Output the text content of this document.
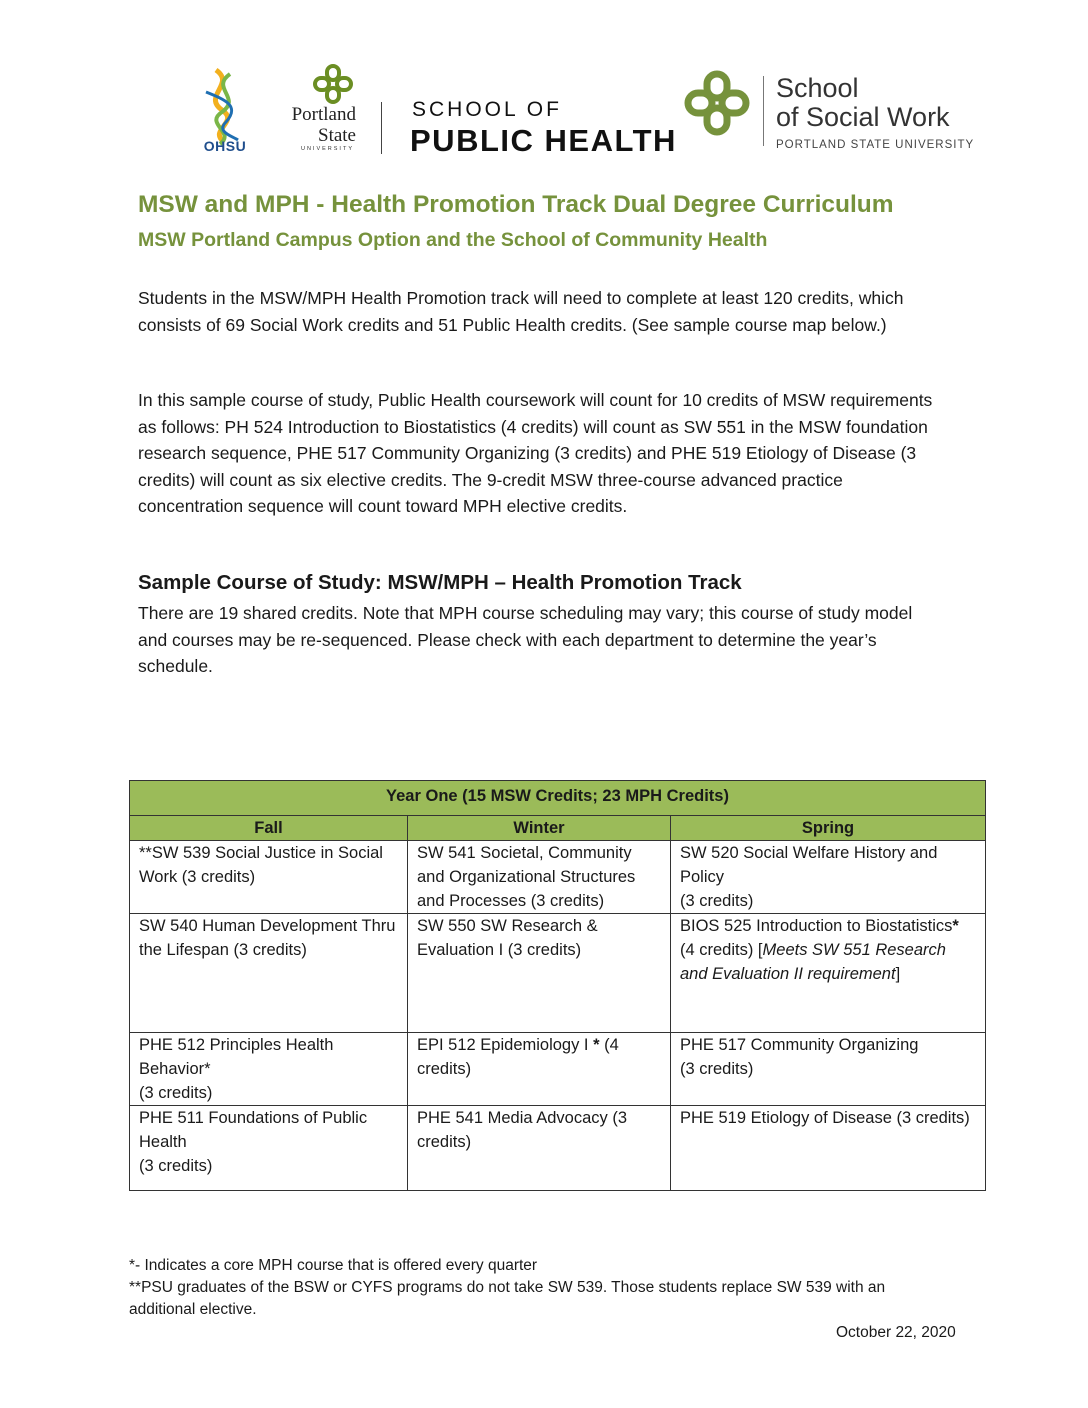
OHSU
Portland
State
UNIVERSITY
SCHOOL OF
PUBLIC HEALTH
School
of Social Work
PORTLAND STATE UNIVERSITY
MSW and MPH - Health Promotion Track Dual Degree Curriculum
MSW Portland Campus Option and the School of Community Health
Students in the MSW/MPH Health Promotion track will need to complete at least 120 credits, which consists of 69 Social Work credits and 51 Public Health credits. (See sample course map below.)
In this sample course of study, Public Health coursework will count for 10 credits of MSW requirements as follows: PH 524 Introduction to Biostatistics (4 credits) will count as SW 551 in the MSW foundation research sequence, PHE 517 Community Organizing (3 credits) and PHE 519 Etiology of Disease (3 credits) will count as six elective credits. The 9-credit MSW three-course advanced practice concentration sequence will count toward MPH elective credits.
Sample Course of Study: MSW/MPH – Health Promotion Track
There are 19 shared credits. Note that MPH course scheduling may vary; this course of study model and courses may be re-sequenced. Please check with each department to determine the year’s schedule.
Year One (15 MSW Credits; 23 MPH Credits)		
Fall	Winter	Spring
**SW 539 Social Justice in Social Work (3 credits)	SW 541 Societal, Community and Organizational Structures and Processes (3 credits)	SW 520 Social Welfare History and Policy
(3 credits)

SW 540 Human Development Thru the Lifespan (3 credits)	SW 550 SW Research & Evaluation I (3 credits)	BIOS 525 Introduction to Biostatistics* (4 credits) [Meets SW 551 Research and Evaluation II requirement]

PHE 512 Principles Health Behavior*
(3 credits)	EPI 512 Epidemiology I * (4 credits)	PHE 517 Community Organizing
(3 credits)

PHE 511 Foundations of Public Health
(3 credits)	PHE 541 Media Advocacy (3 credits)	PHE 519 Etiology of Disease (3 credits)
*- Indicates a core MPH course that is offered every quarter
**PSU graduates of the BSW or CYFS programs do not take SW 539. Those students replace SW 539 with an additional elective.
October 22, 2020
